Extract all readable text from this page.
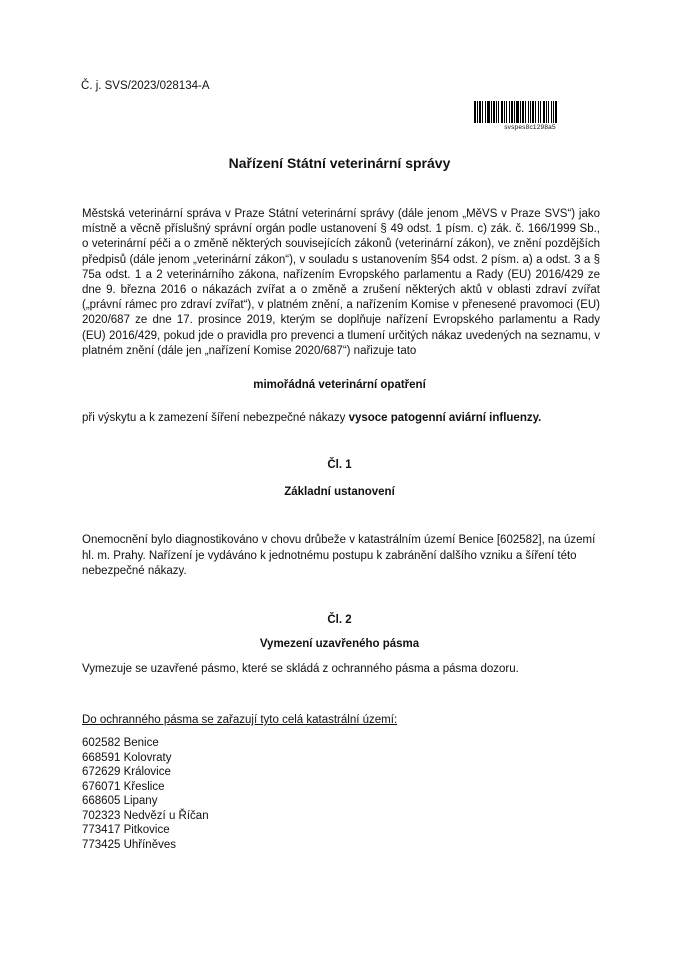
Č. j. SVS/2023/028134-A
svspes8c1298a5
Nařízení Státní veterinární správy

Městská veterinární správa v Praze Státní veterinární správy (dále jenom „MěVS v Praze SVS“) jako místně a věcně příslušný správní orgán podle ustanovení § 49 odst. 1 písm. c) zák. č. 166/1999 Sb., o veterinární péči a o změně některých souvisejících zákonů (veterinární zákon), ve znění pozdějších předpisů (dále jenom „veterinární zákon“), v souladu s ustanovením §54 odst. 2 písm. a) a odst. 3 a § 75a odst. 1 a 2 veterinárního zákona, nařízením Evropského parlamentu a Rady (EU) 2016/429 ze dne 9. března 2016 o nákazách zvířat a o změně a zrušení některých aktů v oblasti zdraví zvířat („právní rámec pro zdraví zvířat“), v platném znění, a nařízením Komise v přenesené pravomoci (EU) 2020/687 ze dne 17. prosince 2019, kterým se doplňuje nařízení Evropského parlamentu a Rady (EU) 2016/429, pokud jde o pravidla pro prevenci a tlumení určitých nákaz uvedených na seznamu, v platném znění (dále jen „nařízení Komise 2020/687“) nařizuje tato

mimořádná veterinární opatření

při výskytu a k zamezení šíření nebezpečné nákazy vysoce patogenní aviární influenzy.

Čl. 1
Základní ustanovení

Onemocnění bylo diagnostikováno v chovu drůbeže v katastrálním území Benice [602582], na území hl. m. Prahy. Nařízení je vydáváno k jednotnému postupu k zabránění dalšího vzniku a šíření této nebezpečné nákazy.

Čl. 2
Vymezení uzavřeného pásma

Vymezuje se uzavřené pásmo, které se skládá z ochranného pásma a pásma dozoru.

Do ochranného pásma se zařazují tyto celá katastrální území:
602582 Benice
668591 Kolovraty
672629 Královice
676071 Křeslice
668605 Lipany
702323 Nedvězí u Říčan
773417 Pitkovice
773425 Uhříněves
